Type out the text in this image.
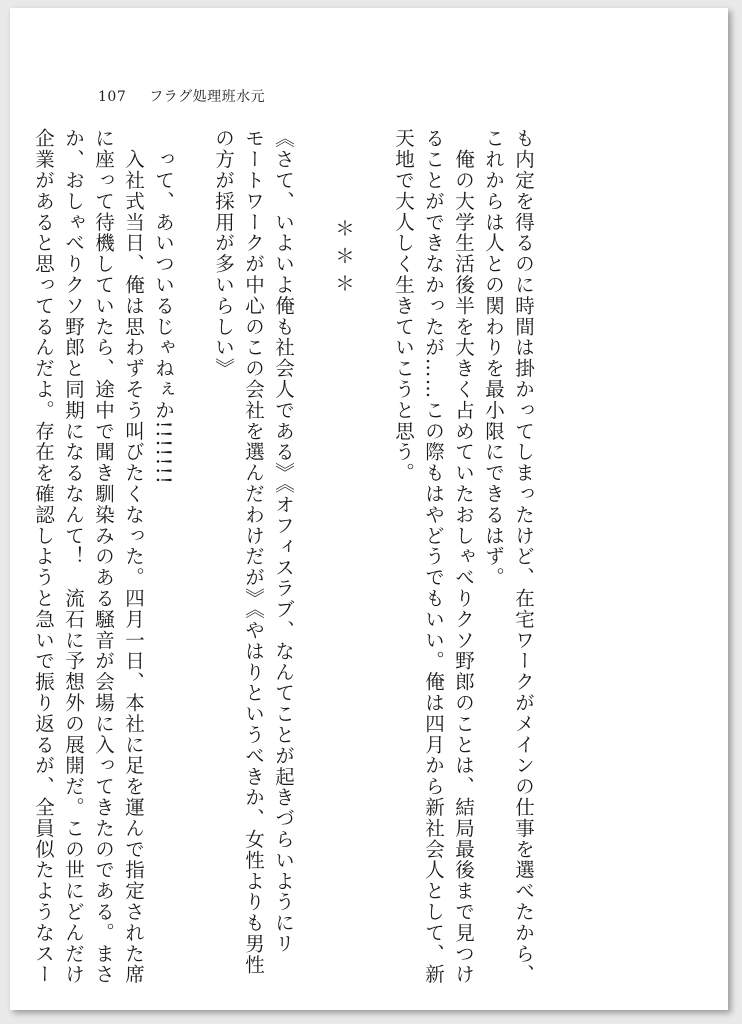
107 フラグ処理班水元
も内定を得るのに時間は掛かってしまったけど、在宅ワークがメインの仕事を選べたから、
これからは人との関わりを最小限にできるはず。
　俺の大学生活後半を大きく占めていたおしゃべりクソ野郎のことは、結局最後まで見つけ
ることができなかったが……この際もはやどうでもいい。俺は四月から新社会人として、新
天地で大人しく生きていこうと思う。

＊＊＊

《さて、いよいよ俺も社会人である》《オフィスラブ、なんてことが起きづらいようにリ
モートワークが中心のこの会社を選んだわけだが》《やはりというべきか、女性よりも男性
の方が採用が多いらしい》

　って、あいついるじゃねぇか!!!!!!!
　入社式当日、俺は思わずそう叫びたくなった。四月一日、本社に足を運んで指定された席
に座って待機していたら、途中で聞き馴染みのある騒音が会場に入ってきたのである。まさ
か、おしゃべりクソ野郎と同期になるなんて！　流石に予想外の展開だ。この世にどんだけ
企業があると思ってるんだよ。存在を確認しようと急いで振り返るが、全員似たようなスー
